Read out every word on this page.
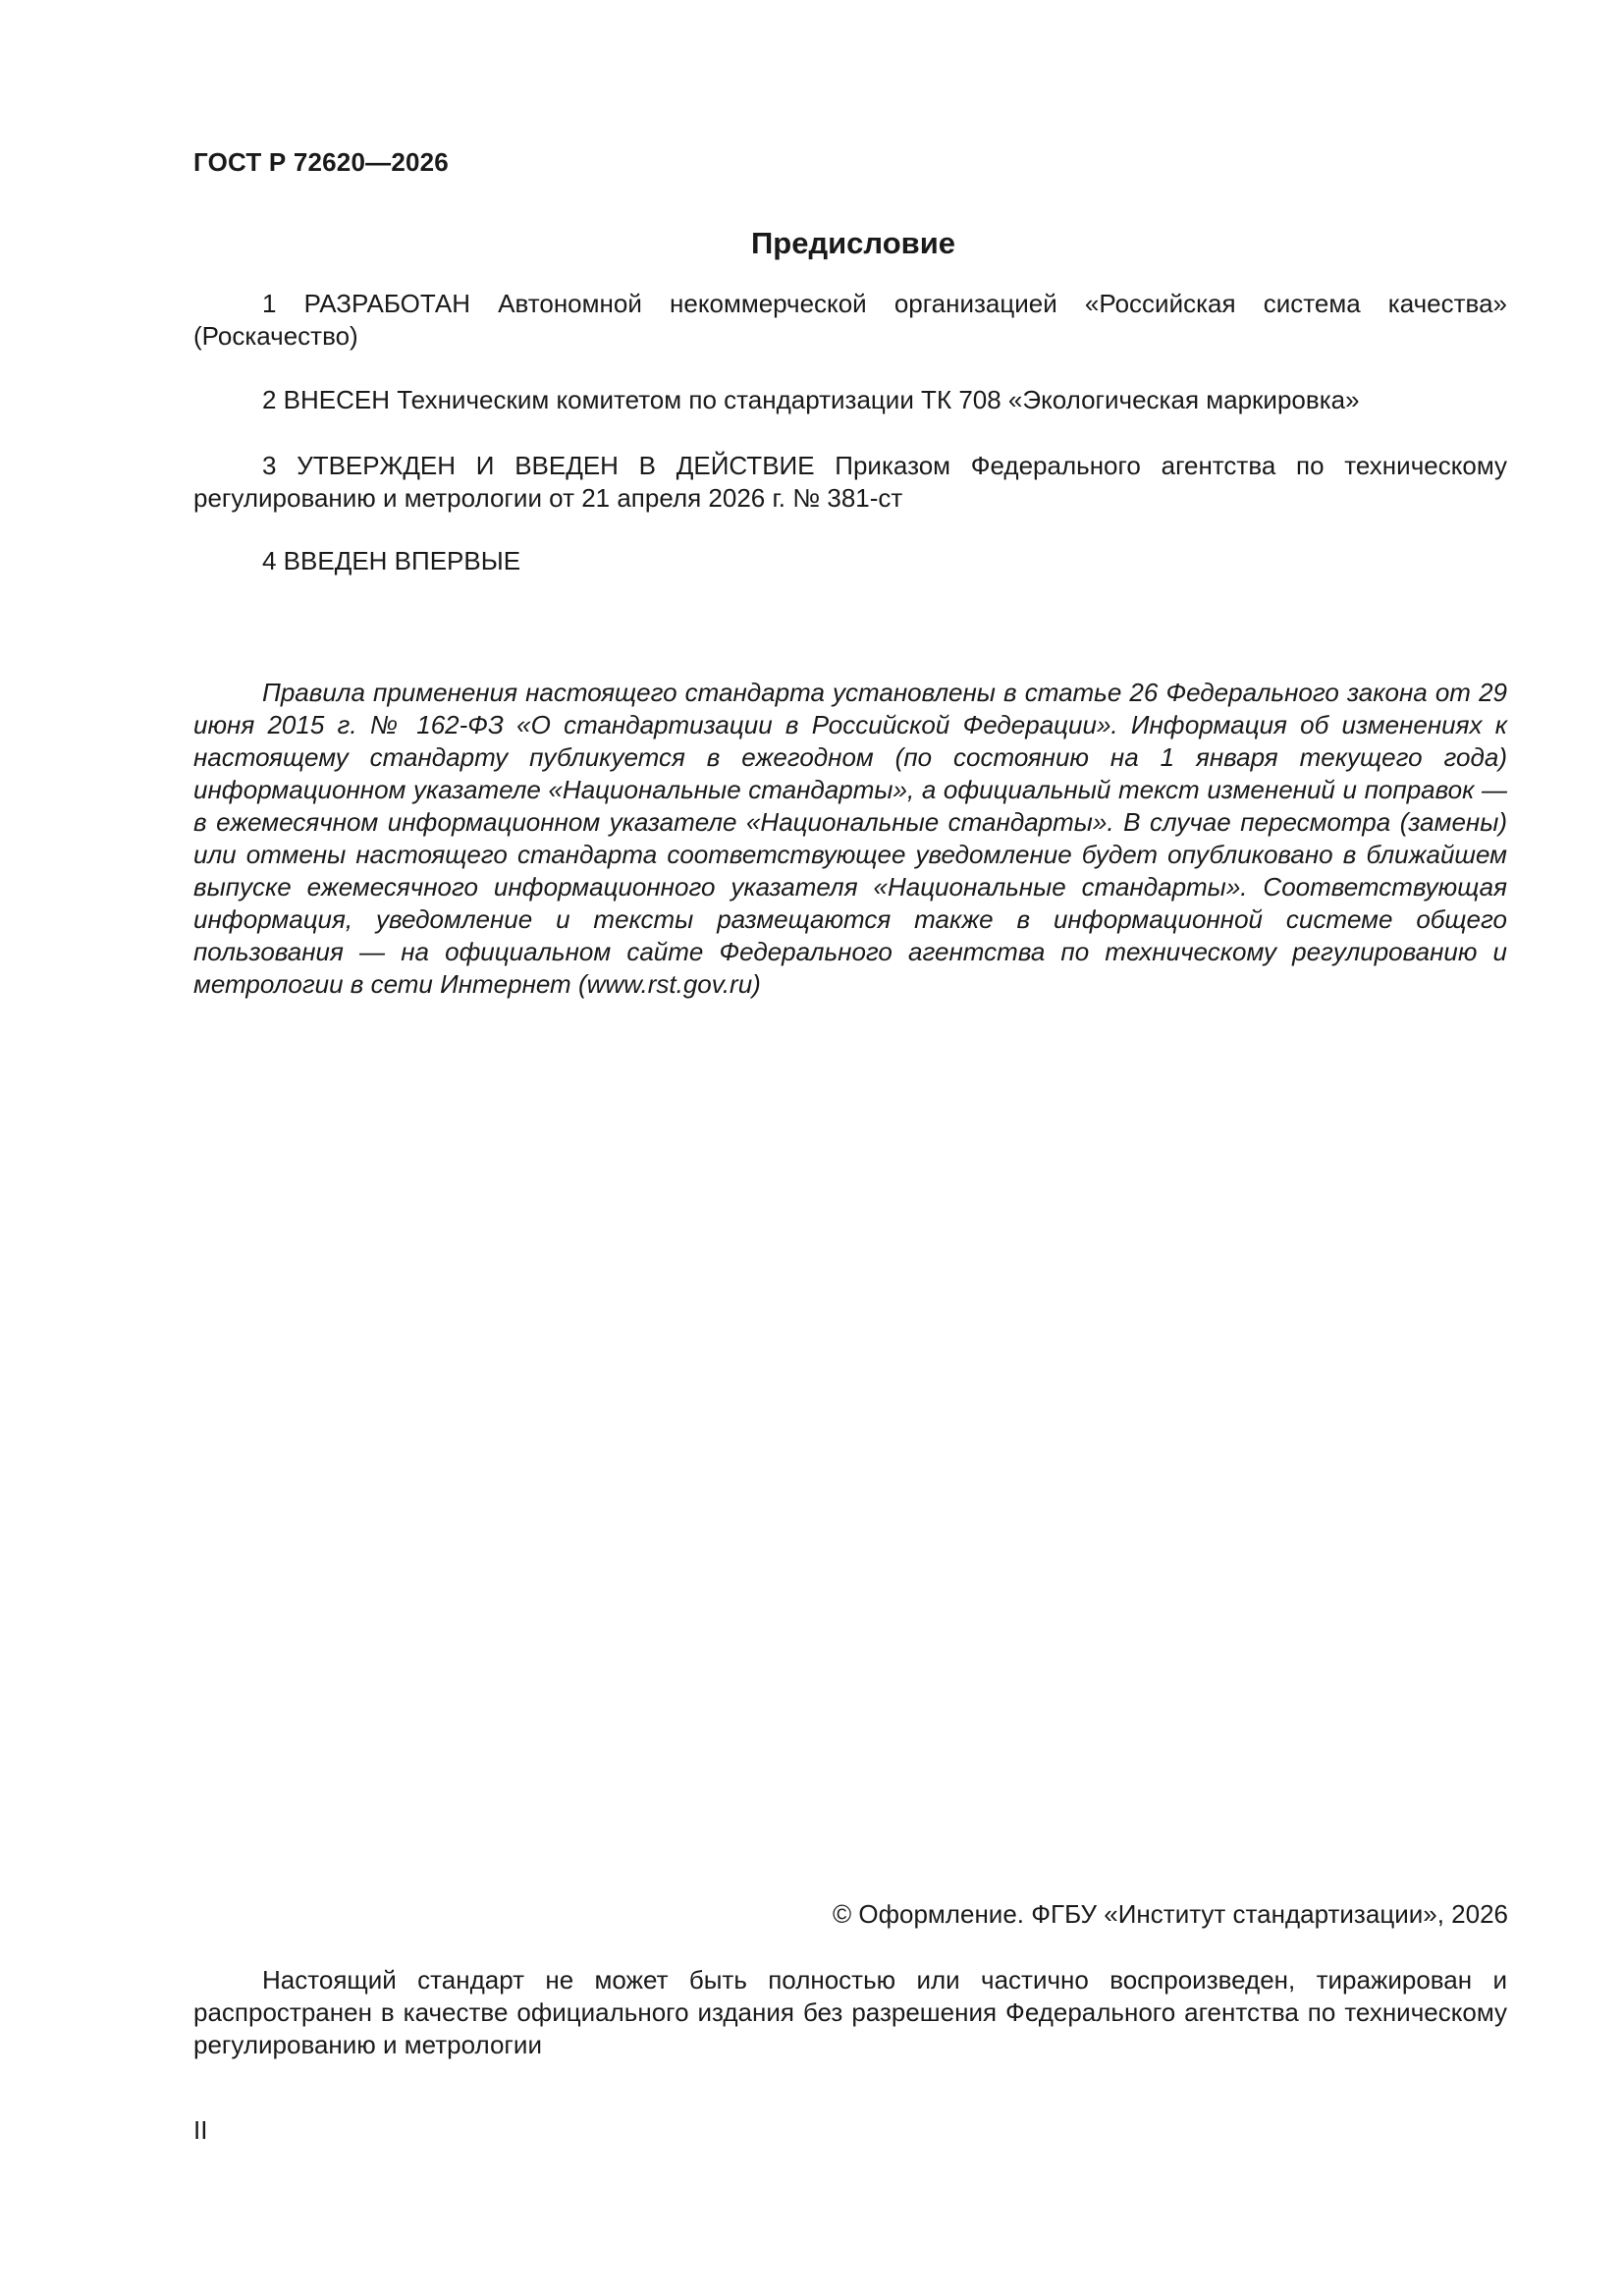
ГОСТ Р 72620—2026
Предисловие

1 РАЗРАБОТАН Автономной некоммерческой организацией «Российская система качества» (Роскачество)

2 ВНЕСЕН Техническим комитетом по стандартизации ТК 708 «Экологическая маркировка»

3 УТВЕРЖДЕН И ВВЕДЕН В ДЕЙСТВИЕ Приказом Федерального агентства по техническому регулированию и метрологии от 21 апреля 2026 г. № 381-ст

4 ВВЕДЕН ВПЕРВЫЕ

Правила применения настоящего стандарта установлены в статье 26 Федерального закона от 29 июня 2015 г. № 162-ФЗ «О стандартизации в Российской Федерации». Информация об изменениях к настоящему стандарту публикуется в ежегодном (по состоянию на 1 января текущего года) информационном указателе «Национальные стандарты», а официальный текст изменений и поправок — в ежемесячном информационном указателе «Национальные стандарты». В случае пересмотра (замены) или отмены настоящего стандарта соответствующее уведомление будет опубликовано в ближайшем выпуске ежемесячного информационного указателя «Национальные стандарты». Соответствующая информация, уведомление и тексты размещаются также в информационной системе общего пользования — на официальном сайте Федерального агентства по техническому регулированию и метрологии в сети Интернет (www.rst.gov.ru)

© Оформление. ФГБУ «Институт стандартизации», 2026

Настоящий стандарт не может быть полностью или частично воспроизведен, тиражирован и распространен в качестве официального издания без разрешения Федерального агентства по техническому регулированию и метрологии

II
